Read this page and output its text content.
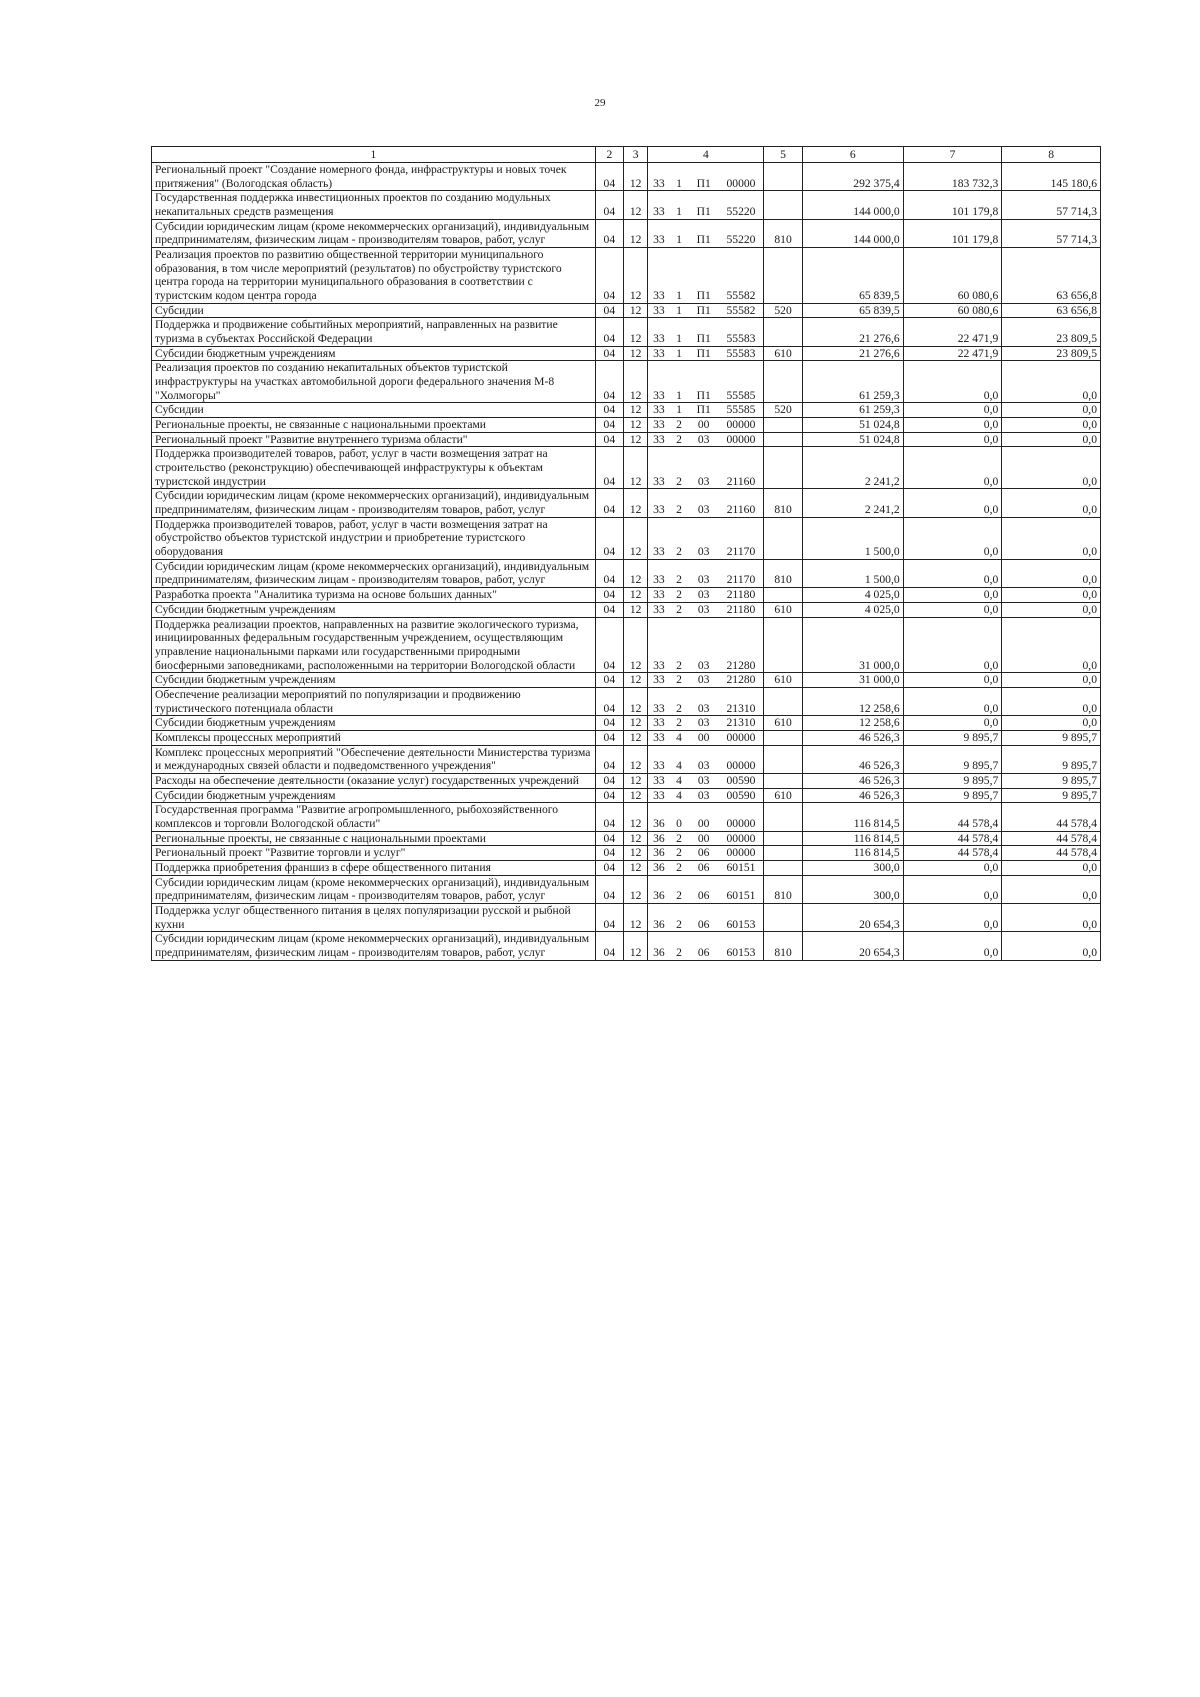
29
1	2	3	4				5	6	7	8
Региональный проект "Создание номерного фонда, инфраструктуры и новых точек притяжения" (Вологодская область)	04	12	33	1	П1	00000		292 375,4	183 732,3	145 180,6
Государственная поддержка инвестиционных проектов по созданию модульных некапитальных средств размещения	04	12	33	1	П1	55220		144 000,0	101 179,8	57 714,3
Субсидии юридическим лицам (кроме некоммерческих организаций), индивидуальным предпринимателям, физическим лицам - производителям товаров, работ, услуг	04	12	33	1	П1	55220	810	144 000,0	101 179,8	57 714,3
Реализация проектов по развитию общественной территории муниципального образования, в том числе мероприятий (результатов) по обустройству туристского центра города на территории муниципального образования в соответствии с туристским кодом центра города	04	12	33	1	П1	55582		65 839,5	60 080,6	63 656,8
Субсидии	04	12	33	1	П1	55582	520	65 839,5	60 080,6	63 656,8
Поддержка и продвижение событийных мероприятий, направленных на развитие туризма в субъектах Российской Федерации	04	12	33	1	П1	55583		21 276,6	22 471,9	23 809,5
Субсидии бюджетным учреждениям	04	12	33	1	П1	55583	610	21 276,6	22 471,9	23 809,5
Реализация проектов по созданию некапитальных объектов туристской инфраструктуры на участках автомобильной дороги федерального значения М-8 "Холмогоры"	04	12	33	1	П1	55585		61 259,3	0,0	0,0
Субсидии	04	12	33	1	П1	55585	520	61 259,3	0,0	0,0
Региональные проекты, не связанные с национальными проектами	04	12	33	2	00	00000		51 024,8	0,0	0,0
Региональный проект "Развитие внутреннего туризма области"	04	12	33	2	03	00000		51 024,8	0,0	0,0
Поддержка производителей товаров, работ, услуг в части возмещения затрат на строительство (реконструкцию) обеспечивающей инфраструктуры к объектам туристской индустрии	04	12	33	2	03	21160		2 241,2	0,0	0,0
Субсидии юридическим лицам (кроме некоммерческих организаций), индивидуальным предпринимателям, физическим лицам - производителям товаров, работ, услуг	04	12	33	2	03	21160	810	2 241,2	0,0	0,0
Поддержка производителей товаров, работ, услуг в части возмещения затрат на обустройство объектов туристской индустрии и приобретение туристского оборудования	04	12	33	2	03	21170		1 500,0	0,0	0,0
Субсидии юридическим лицам (кроме некоммерческих организаций), индивидуальным предпринимателям, физическим лицам - производителям товаров, работ, услуг	04	12	33	2	03	21170	810	1 500,0	0,0	0,0
Разработка проекта "Аналитика туризма на основе больших данных"	04	12	33	2	03	21180		4 025,0	0,0	0,0
Субсидии бюджетным учреждениям	04	12	33	2	03	21180	610	4 025,0	0,0	0,0
Поддержка реализации проектов, направленных на развитие экологического туризма, инициированных федеральным государственным учреждением, осуществляющим управление национальными парками или государственными природными биосферными заповедниками, расположенными на территории Вологодской области	04	12	33	2	03	21280		31 000,0	0,0	0,0
Субсидии бюджетным учреждениям	04	12	33	2	03	21280	610	31 000,0	0,0	0,0
Обеспечение реализации мероприятий по популяризации и продвижению туристического потенциала области	04	12	33	2	03	21310		12 258,6	0,0	0,0
Субсидии бюджетным учреждениям	04	12	33	2	03	21310	610	12 258,6	0,0	0,0
Комплексы процессных мероприятий	04	12	33	4	00	00000		46 526,3	9 895,7	9 895,7
Комплекс процессных мероприятий "Обеспечение деятельности Министерства туризма и международных связей области и подведомственного учреждения"	04	12	33	4	03	00000		46 526,3	9 895,7	9 895,7
Расходы на обеспечение деятельности (оказание услуг) государственных учреждений	04	12	33	4	03	00590		46 526,3	9 895,7	9 895,7
Субсидии бюджетным учреждениям	04	12	33	4	03	00590	610	46 526,3	9 895,7	9 895,7
Государственная программа "Развитие агропромышленного, рыбохозяйственного комплексов и торговли Вологодской области"	04	12	36	0	00	00000		116 814,5	44 578,4	44 578,4
Региональные проекты, не связанные с национальными проектами	04	12	36	2	00	00000		116 814,5	44 578,4	44 578,4
Региональный проект "Развитие торговли и услуг"	04	12	36	2	06	00000		116 814,5	44 578,4	44 578,4
Поддержка приобретения франшиз в сфере общественного питания	04	12	36	2	06	60151		300,0	0,0	0,0
Субсидии юридическим лицам (кроме некоммерческих организаций), индивидуальным предпринимателям, физическим лицам - производителям товаров, работ, услуг	04	12	36	2	06	60151	810	300,0	0,0	0,0
Поддержка услуг общественного питания в целях популяризации русской и рыбной кухни	04	12	36	2	06	60153		20 654,3	0,0	0,0
Субсидии юридическим лицам (кроме некоммерческих организаций), индивидуальным предпринимателям, физическим лицам - производителям товаров, работ, услуг	04	12	36	2	06	60153	810	20 654,3	0,0	0,0
